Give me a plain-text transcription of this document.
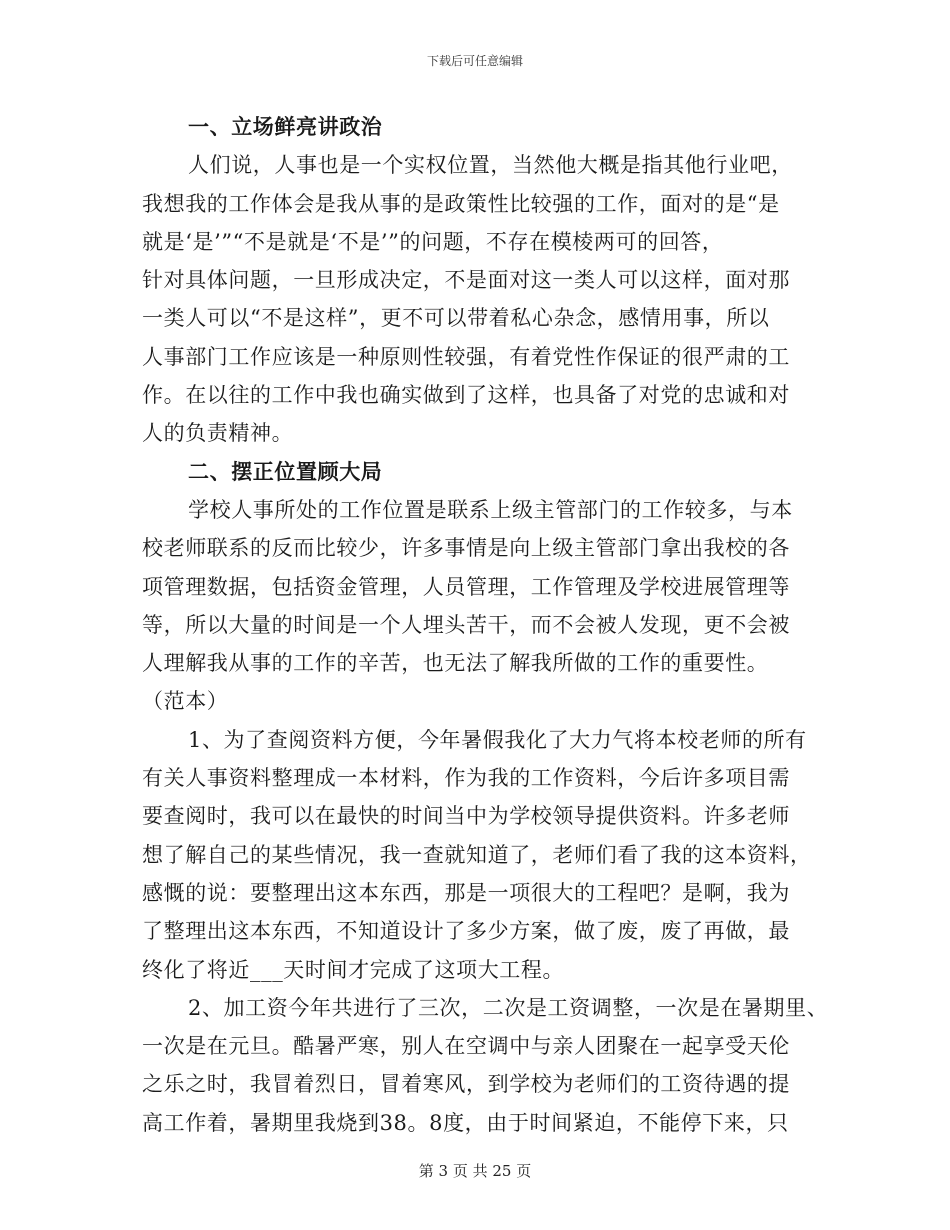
下载后可任意编辑
一、立场鲜亮讲政治
人们说，人事也是一个实权位置，当然他大概是指其他行业吧，
我想我的工作体会是我从事的是政策性比较强的工作，面对的是“是
就是‘是’”“不是就是‘不是’”的问题，不存在模棱两可的回答，
针对具体问题，一旦形成决定，不是面对这一类人可以这样，面对那
一类人可以“不是这样”，更不可以带着私心杂念，感情用事，所以
人事部门工作应该是一种原则性较强，有着党性作保证的很严肃的工
作。在以往的工作中我也确实做到了这样，也具备了对党的忠诚和对
人的负责精神。
二、摆正位置顾大局
学校人事所处的工作位置是联系上级主管部门的工作较多，与本
校老师联系的反而比较少，许多事情是向上级主管部门拿出我校的各
项管理数据，包括资金管理，人员管理，工作管理及学校进展管理等
等，所以大量的时间是一个人埋头苦干，而不会被人发现，更不会被
人理解我从事的工作的辛苦，也无法了解我所做的工作的重要性。
（范本）
1、为了查阅资料方便，今年暑假我化了大力气将本校老师的所有
有关人事资料整理成一本材料，作为我的工作资料，今后许多项目需
要查阅时，我可以在最快的时间当中为学校领导提供资料。许多老师
想了解自己的某些情况，我一查就知道了，老师们看了我的这本资料，
感慨的说：要整理出这本东西，那是一项很大的工程吧？是啊，我为
了整理出这本东西，不知道设计了多少方案，做了废，废了再做，最
终化了将近___天时间才完成了这项大工程。
2、加工资今年共进行了三次，二次是工资调整，一次是在暑期里、
一次是在元旦。酷暑严寒，别人在空调中与亲人团聚在一起享受天伦
之乐之时，我冒着烈日，冒着寒风，到学校为老师们的工资待遇的提
高工作着，暑期里我烧到38。8度，由于时间紧迫，不能停下来，只
第 3 页 共 25 页
